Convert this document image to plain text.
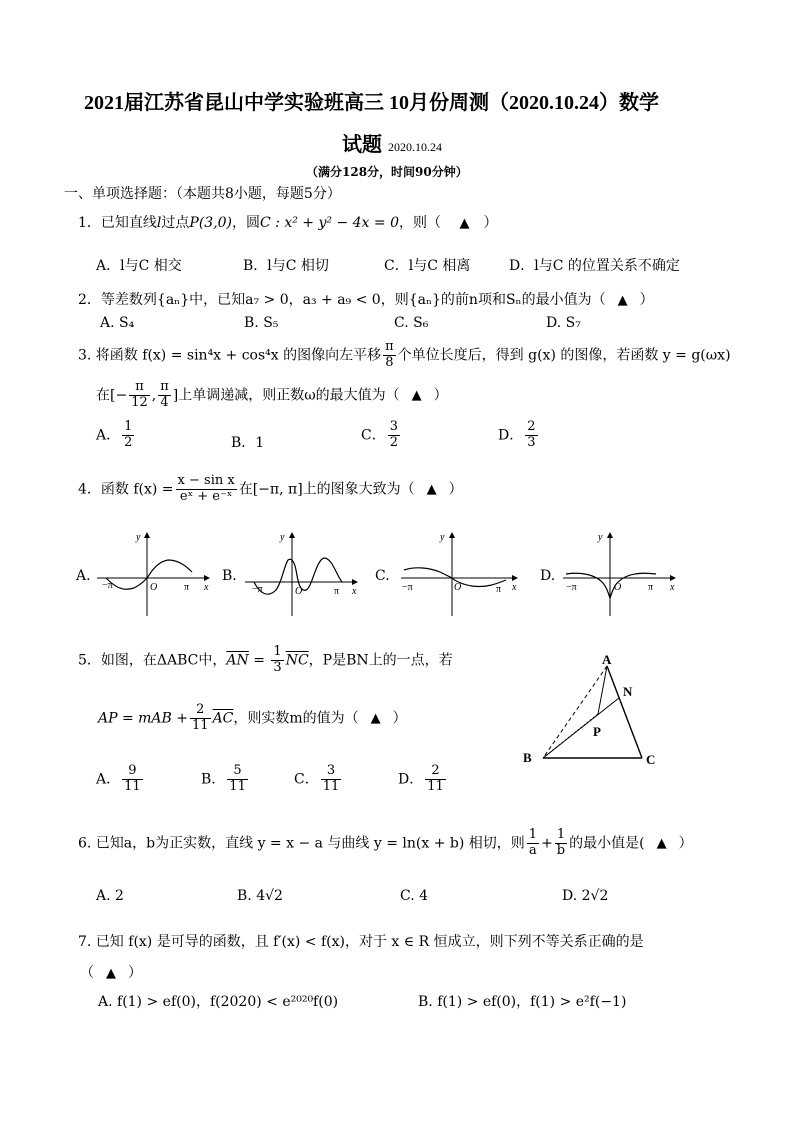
2021届江苏省昆山中学实验班高三 10月份周测（2020.10.24）数学
试题 2020.10.24
（满分128分，时间90分钟）
一、单项选择题：（本题共8小题，每题5分）
1．已知直线l过点P(3,0)，圆C : x² + y² − 4x = 0，则（ ▲ ）
A．l与C 相交	B．l与C 相切	C．l与C 相离	D．l与C 的位置关系不确定
2．等差数列{aₙ}中，已知a₇ > 0，a₃ + a₉ < 0，则{aₙ}的前n项和Sₙ的最小值为（ ▲ ）
A. S₄	B. S₅	C. S₆	D. S₇
3. 将函数 f(x) = sin⁴x + cos⁴x 的图像向左平移 $\frac{\pi}{8}$ 个单位长度后，得到 g(x) 的图像，若函数 y = g(ωx)
在[− $\frac{\pi}{12}$ , $\frac{\pi}{4}$ ]上单调递减，则正数ω的最大值为（ ▲ ）
A． $\frac{1}{2}$	B．1	C． $\frac{3}{2}$	D． $\frac{2}{3}$
4．函数 $f(x) = \frac{\text{x − sin x}}{\text{eˣ + e⁻ˣ}}$ 在[−π, π]上的图象大致为（ ▲ ）
A.	B.	C.	D.
y
x
−π	π
O
y
x
−π	π
O
y
x
−π	π
O
y
x
−π	π
O
5．如图，在ΔABC中，$\overline{AN} = \frac{1}{3} \overline{NC}$，P是BN上的一点，若
AP = mAB + $\frac{2}{11} \overline{AC}$，则实数m的值为（ ▲ ）
A． $\frac{9}{11}$	B． $\frac{5}{11}$	C． $\frac{3}{11}$	D． $\frac{2}{11}$
A
N
P
B	C
6. 已知a，b为正实数，直线 y = x − a 与曲线 y = ln(x + b) 相切，则 $\frac{1}{a} + \frac{1}{b}$ 的最小值是( ▲ ）
A. 2	B. 4√2	C. 4	D. 2√2
7. 已知 f(x) 是可导的函数，且 f′(x) < f(x)，对于 x ∈ R 恒成立，则下列不等关系正确的是
（ ▲ ）
A. f(1) > ef(0)，f(2020) < e²⁰²⁰f(0)	B. f(1) > ef(0)，f(1) > e²f(−1)
